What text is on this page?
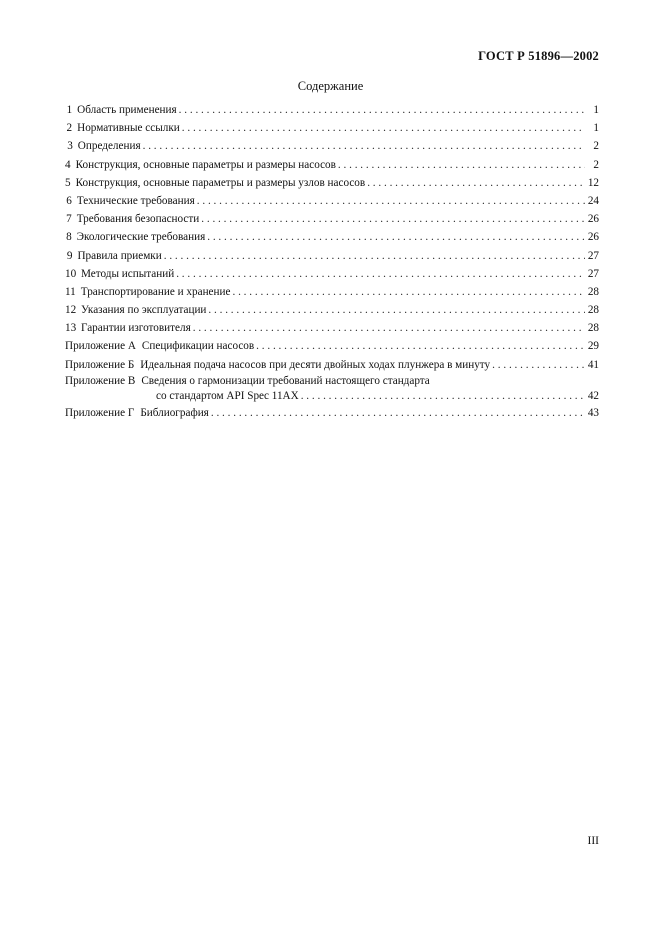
ГОСТ Р 51896—2002
Содержание
1 Область применения . . .	1
2 Нормативные ссылки . . .	1
3 Определения . . .	2
4 Конструкция, основные параметры и размеры насосов . . .	2
5 Конструкция, основные параметры и размеры узлов насосов . . .	12
6 Технические требования . . .	24
7 Требования безопасности . . .	26
8 Экологические требования . . .	26
9 Правила приемки . . .	27
10 Методы испытаний . . .	27
11 Транспортирование и хранение . . .	28
12 Указания по эксплуатации . . .	28
13 Гарантии изготовителя . . .	28
Приложение А Спецификации насосов . . .	29
Приложение Б Идеальная подача насосов при десяти двойных ходах плунжера в минуту . . .	41
Приложение В Сведения о гармонизации требований настоящего стандарта
со стандартом API Spec 11AX . . .	42
Приложение Г Библиография . . .	43
III
